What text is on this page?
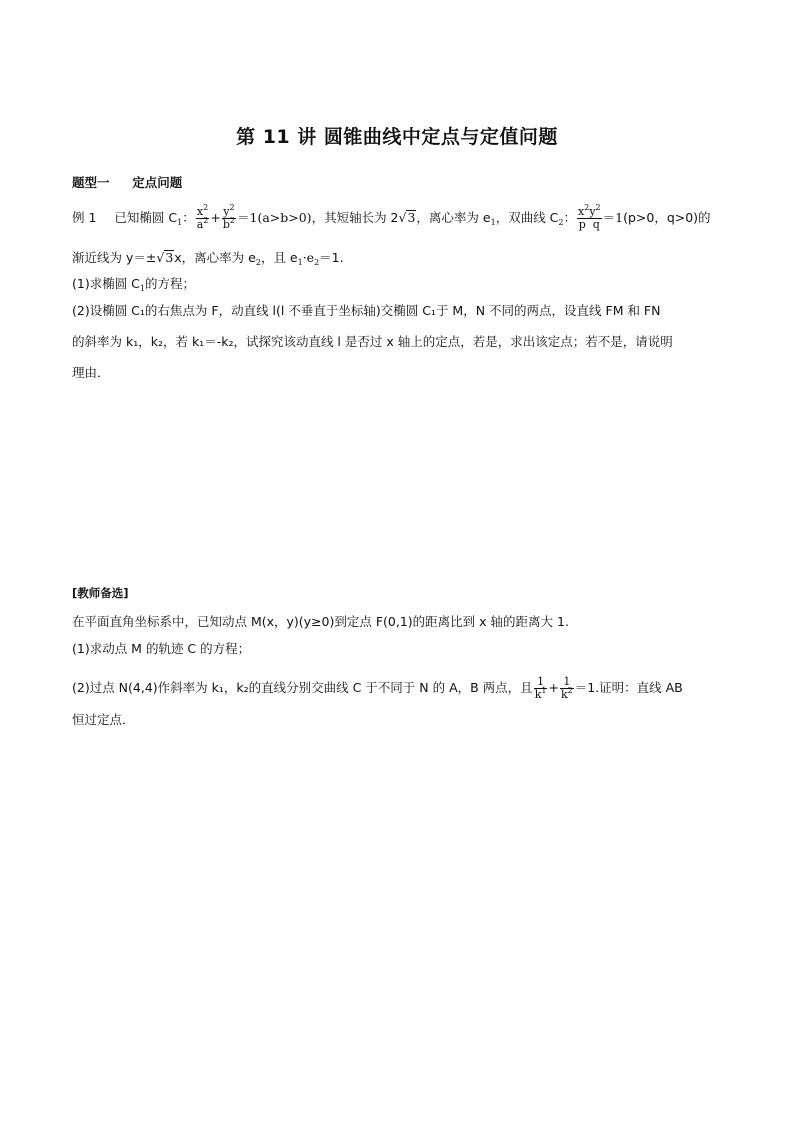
第 11 讲 圆锥曲线中定点与定值问题
题型一 定点问题
例 1 已知椭圆 $C_1$： $\frac{x^2}{a^2} + \frac{y^2}{b^2} =1(a>b>0)$，其短轴长为 2√3，离心率为 $e_1$，双曲线 $C_2$： $\frac{x^2y^2}{\text{p  q}} =1(p>0$，q>0)的
渐近线为 y＝±√3x，离心率为 $e_2$，且 $e_1\cdot e_2=1$.
(1)求椭圆 $C_1$的方程；
(2)设椭圆 C₁的右焦点为 F，动直线 l(l 不垂直于坐标轴)交椭圆 C₁于 M，N 不同的两点，设直线 FM 和 FN
的斜率为 k₁，k₂，若 k₁＝-k₂，试探究该动直线 l 是否过 x 轴上的定点，若是，求出该定点；若不是，请说明
理由．
[教师备选]
在平面直角坐标系中，已知动点 M(x，y)(y≥0)到定点 F(0,1)的距离比到 x 轴的距离大 1.
(1)求动点 M 的轨迹 C 的方程；
(2)过点 N(4,4)作斜率为 k₁，k₂的直线分别交曲线 C 于不同于 N 的 A，B 两点，且 $\frac{1}{k^1} + \frac{1}{k^2} =1$.证明：直线 AB
恒过定点．
